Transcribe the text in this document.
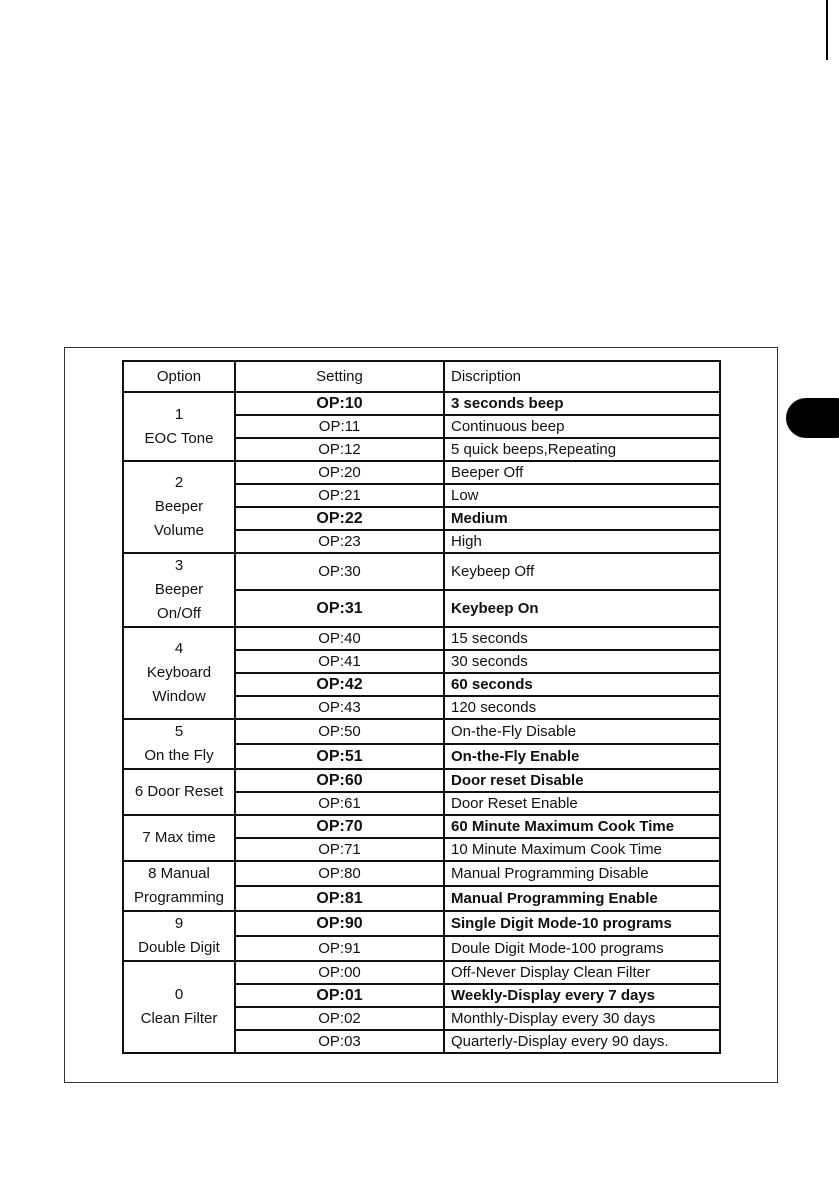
Option	Setting	Discription
1
EOC Tone	OP:10	3 seconds beep
	OP:11	Continuous beep
	OP:12	5 quick beeps,Repeating
2
Beeper
Volume	OP:20	Beeper Off
	OP:21	Low
	OP:22	Medium
	OP:23	High
3
Beeper
On/Off	OP:30	Keybeep Off
	OP:31	Keybeep On
4
Keyboard
Window	OP:40	15 seconds
	OP:41	30 seconds
	OP:42	60 seconds
	OP:43	120 seconds
5
On the Fly	OP:50	On-the-Fly Disable
	OP:51	On-the-Fly Enable
6 Door Reset	OP:60	Door reset Disable
	OP:61	Door Reset Enable
7 Max time	OP:70	60 Minute Maximum Cook Time
	OP:71	10 Minute Maximum Cook Time
8 Manual
Programming	OP:80	Manual Programming Disable
	OP:81	Manual Programming Enable
9
Double Digit	OP:90	Single Digit Mode-10 programs
	OP:91	Doule Digit Mode-100 programs
0
Clean Filter	OP:00	Off-Never Display Clean Filter
	OP:01	Weekly-Display every 7 days
	OP:02	Monthly-Display every 30 days
	OP:03	Quarterly-Display every 90 days.
